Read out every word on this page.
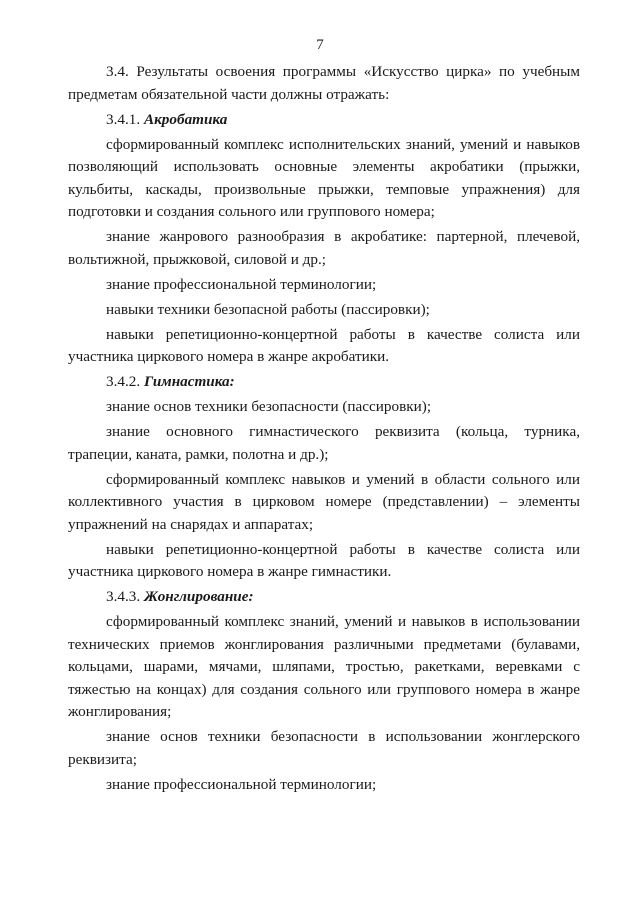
7

3.4. Результаты освоения программы «Искусство цирка» по учебным предметам обязательной части должны отражать:

3.4.1. Акробатика

сформированный комплекс исполнительских знаний, умений и навыков позволяющий использовать основные элементы акробатики (прыжки, кульбиты, каскады, произвольные прыжки, темповые упражнения) для подготовки и создания сольного или группового номера;

знание жанрового разнообразия в акробатике: партерной, плечевой, вольтижной, прыжковой, силовой и др.;

знание профессиональной терминологии;

навыки техники безопасной работы (пассировки);

навыки репетиционно-концертной работы в качестве солиста или участника циркового номера в жанре акробатики.

3.4.2. Гимнастика:

знание основ техники безопасности (пассировки);

знание основного гимнастического реквизита (кольца, турника, трапеции, каната, рамки, полотна и др.);

сформированный комплекс навыков и умений в области сольного или коллективного участия в цирковом номере (представлении) – элементы упражнений на снарядах и аппаратах;

навыки репетиционно-концертной работы в качестве солиста или участника циркового номера в жанре гимнастики.

3.4.3. Жонглирование:

сформированный комплекс знаний, умений и навыков в использовании технических приемов жонглирования различными предметами (булавами, кольцами, шарами, мячами, шляпами, тростью, ракетками, веревками с тяжестью на концах) для создания сольного или группового номера в жанре жонглирования;

знание основ техники безопасности в использовании жонглерского реквизита;

знание профессиональной терминологии;
